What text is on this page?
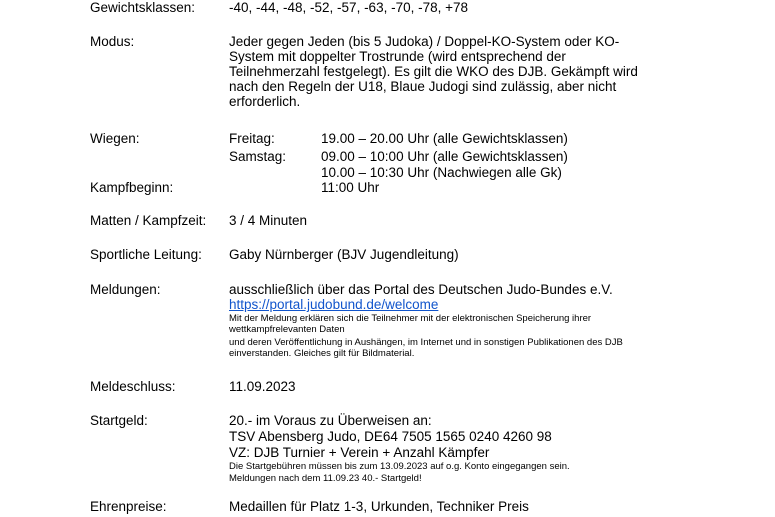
Gewichtsklassen:	-40, -44, -48, -52, -57, -63, -70, -78, +78
Modus:	Jeder gegen Jeden (bis 5 Judoka) / Doppel-KO-System oder KO-
System mit doppelter Trostrunde (wird entsprechend der
Teilnehmerzahl festgelegt). Es gilt die WKO des DJB. Gekämpft wird
nach den Regeln der U18, Blaue Judogi sind zulässig, aber nicht
erforderlich.
Wiegen:	Freitag:	19.00 – 20.00 Uhr (alle Gewichtsklassen)
Samstag:	09.00 – 10:00 Uhr (alle Gewichtsklassen)
10.00 – 10:30 Uhr (Nachwiegen alle Gk)
Kampfbeginn:	11:00 Uhr
Matten / Kampfzeit: 3 / 4 Minuten
Sportliche Leitung: Gaby Nürnberger (BJV Jugendleitung)
Meldungen:	ausschließlich über das Portal des Deutschen Judo-Bundes e.V.
https://portal.judobund.de/welcome
Mit der Meldung erklären sich die Teilnehmer mit der elektronischen Speicherung ihrer
wettkampfrelevanten Daten
und deren Veröffentlichung in Aushängen, im Internet und in sonstigen Publikationen des DJB
einverstanden. Gleiches gilt für Bildmaterial.
Meldeschluss:	11.09.2023
Startgeld:	20.- im Voraus zu Überweisen an:
TSV Abensberg Judo, DE64 7505 1565 0240 4260 98
VZ: DJB Turnier + Verein + Anzahl Kämpfer
Die Startgebühren müssen bis zum 13.09.2023 auf o.g. Konto eingegangen sein.
Meldungen nach dem 11.09.23 40.- Startgeld!
Ehrenpreise:	Medaillen für Platz 1-3, Urkunden, Techniker Preis
